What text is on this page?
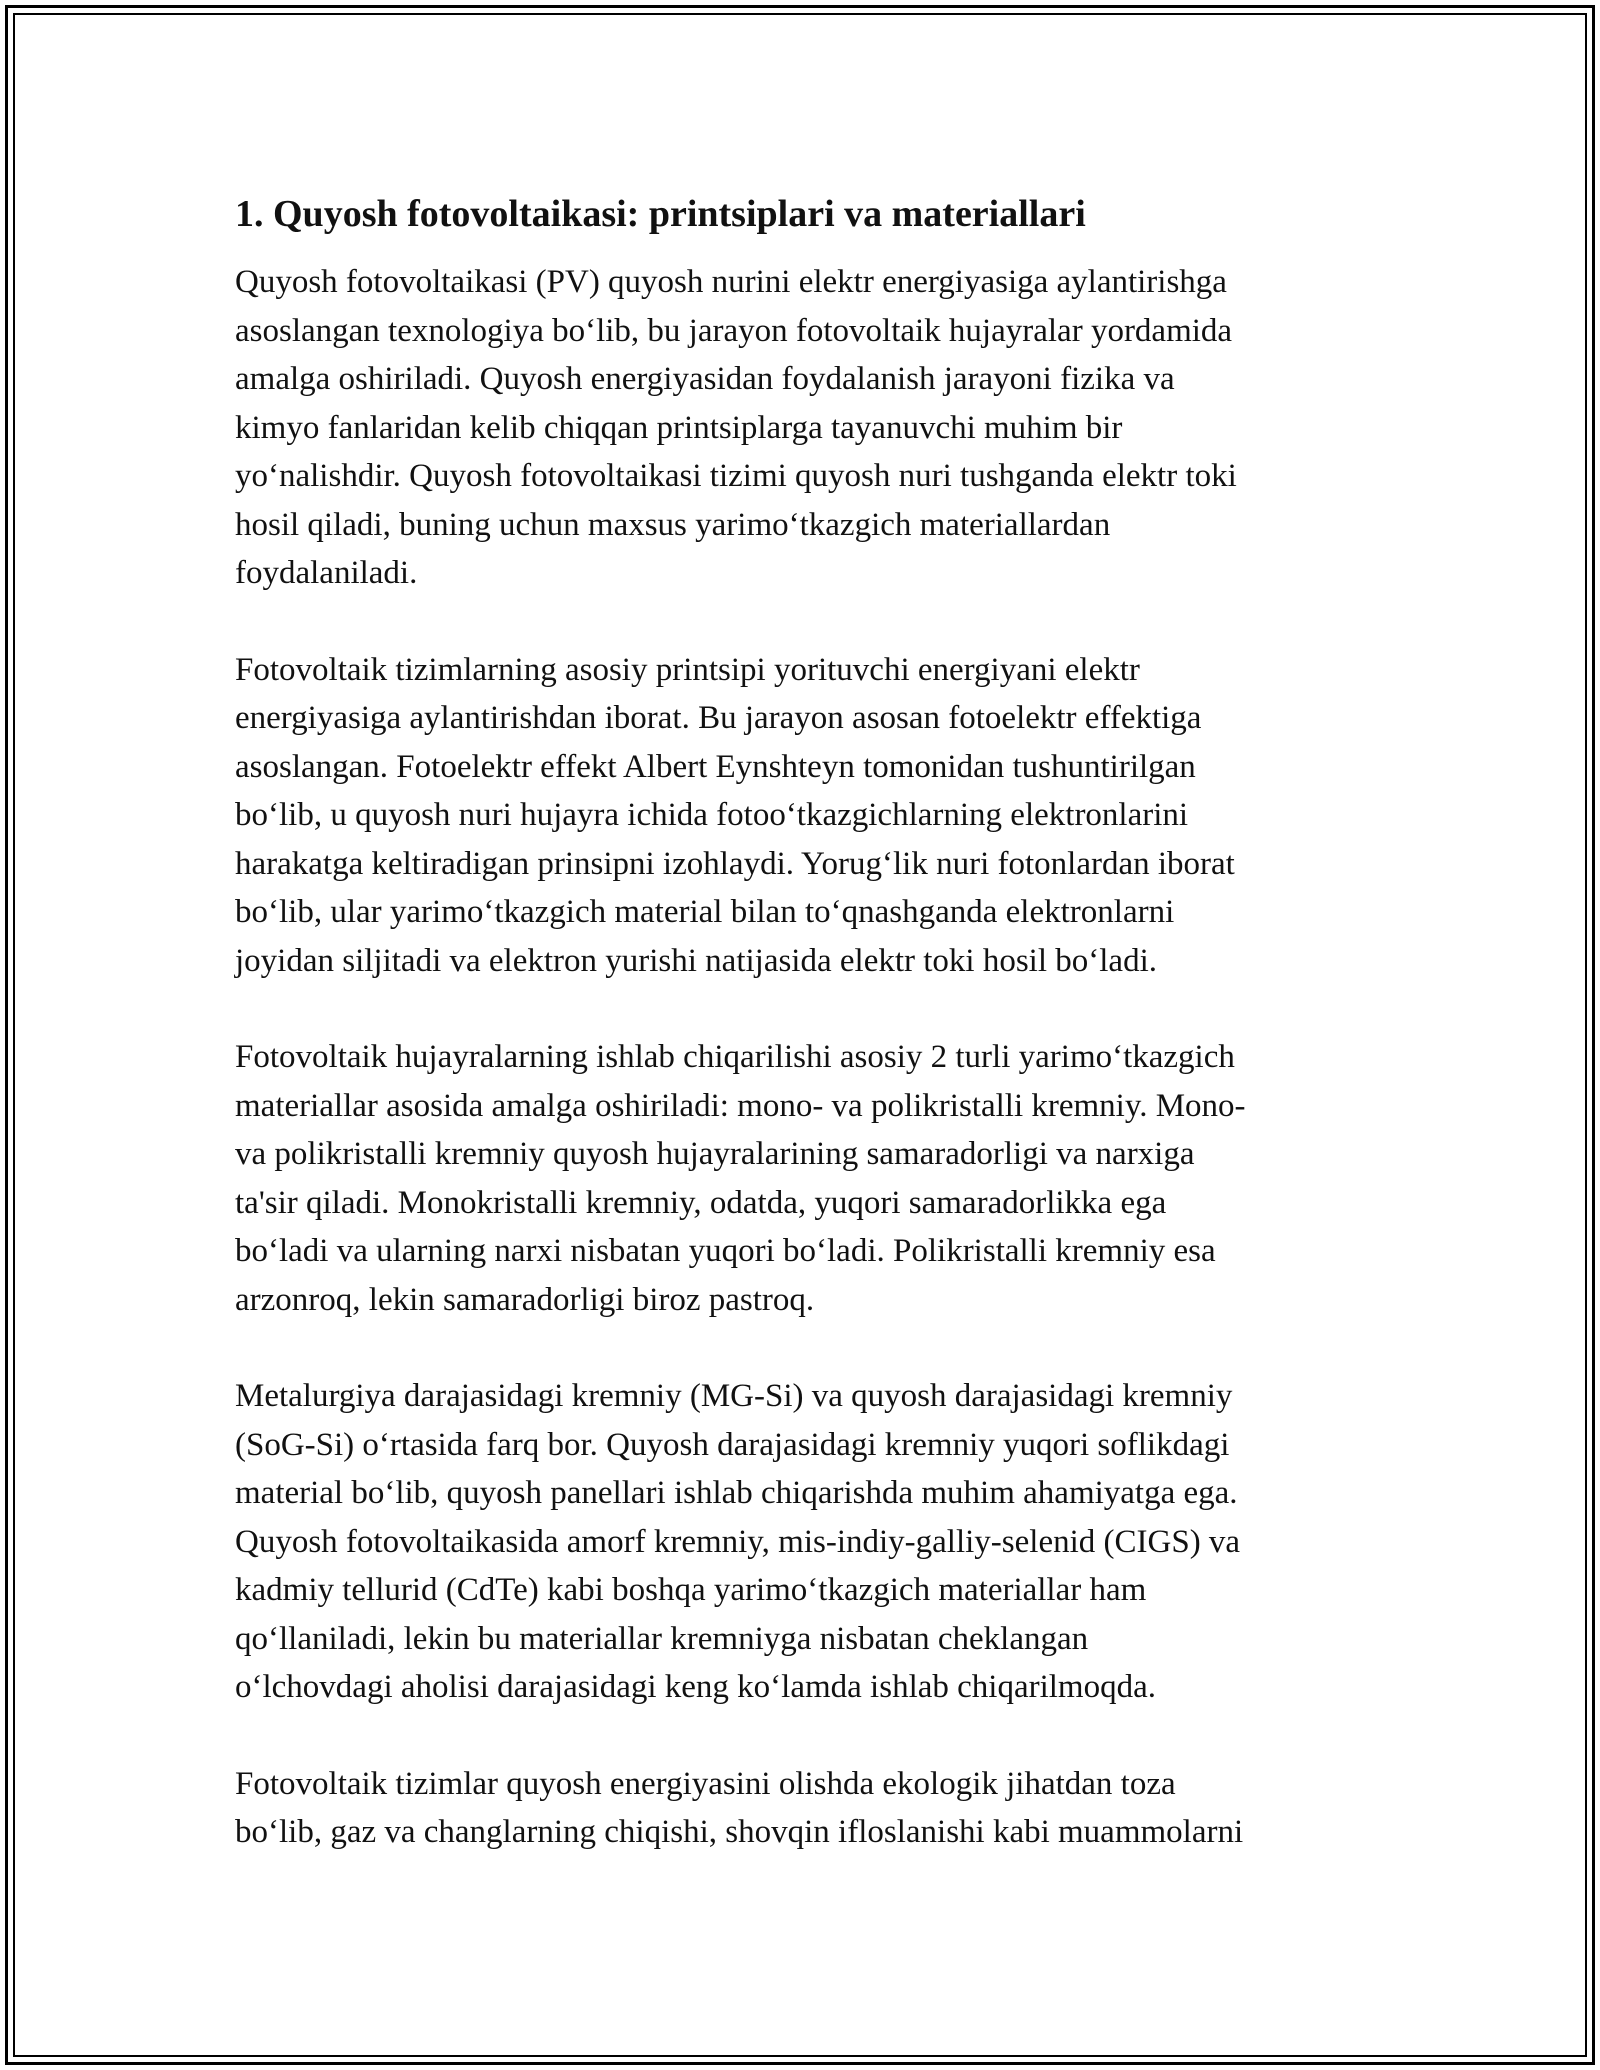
1. Quyosh fotovoltaikasi: printsiplari va materiallari

Quyosh fotovoltaikasi (PV) quyosh nurini elektr energiyasiga aylantirishga
asoslangan texnologiya bo‘lib, bu jarayon fotovoltaik hujayralar yordamida
amalga oshiriladi. Quyosh energiyasidan foydalanish jarayoni fizika va
kimyo fanlaridan kelib chiqqan printsiplarga tayanuvchi muhim bir
yo‘nalishdir. Quyosh fotovoltaikasi tizimi quyosh nuri tushganda elektr toki
hosil qiladi, buning uchun maxsus yarimo‘tkazgich materiallardan
foydalaniladi.

Fotovoltaik tizimlarning asosiy printsipi yorituvchi energiyani elektr
energiyasiga aylantirishdan iborat. Bu jarayon asosan fotoelektr effektiga
asoslangan. Fotoelektr effekt Albert Eynshteyn tomonidan tushuntirilgan
bo‘lib, u quyosh nuri hujayra ichida fotoo‘tkazgichlarning elektronlarini
harakatga keltiradigan prinsipni izohlaydi. Yorug‘lik nuri fotonlardan iborat
bo‘lib, ular yarimo‘tkazgich material bilan to‘qnashganda elektronlarni
joyidan siljitadi va elektron yurishi natijasida elektr toki hosil bo‘ladi.

Fotovoltaik hujayralarning ishlab chiqarilishi asosiy 2 turli yarimo‘tkazgich
materiallar asosida amalga oshiriladi: mono- va polikristalli kremniy. Mono-
va polikristalli kremniy quyosh hujayralarining samaradorligi va narxiga
ta'sir qiladi. Monokristalli kremniy, odatda, yuqori samaradorlikka ega
bo‘ladi va ularning narxi nisbatan yuqori bo‘ladi. Polikristalli kremniy esa
arzonroq, lekin samaradorligi biroz pastroq.

Metalurgiya darajasidagi kremniy (MG-Si) va quyosh darajasidagi kremniy
(SoG-Si) o‘rtasida farq bor. Quyosh darajasidagi kremniy yuqori soflikdagi
material bo‘lib, quyosh panellari ishlab chiqarishda muhim ahamiyatga ega.
Quyosh fotovoltaikasida amorf kremniy, mis-indiy-galliy-selenid (CIGS) va
kadmiy tellurid (CdTe) kabi boshqa yarimo‘tkazgich materiallar ham
qo‘llaniladi, lekin bu materiallar kremniyga nisbatan cheklangan
o‘lchovdagi aholisi darajasidagi keng ko‘lamda ishlab chiqarilmoqda.

Fotovoltaik tizimlar quyosh energiyasini olishda ekologik jihatdan toza
bo‘lib, gaz va changlarning chiqishi, shovqin ifloslanishi kabi muammolarni
